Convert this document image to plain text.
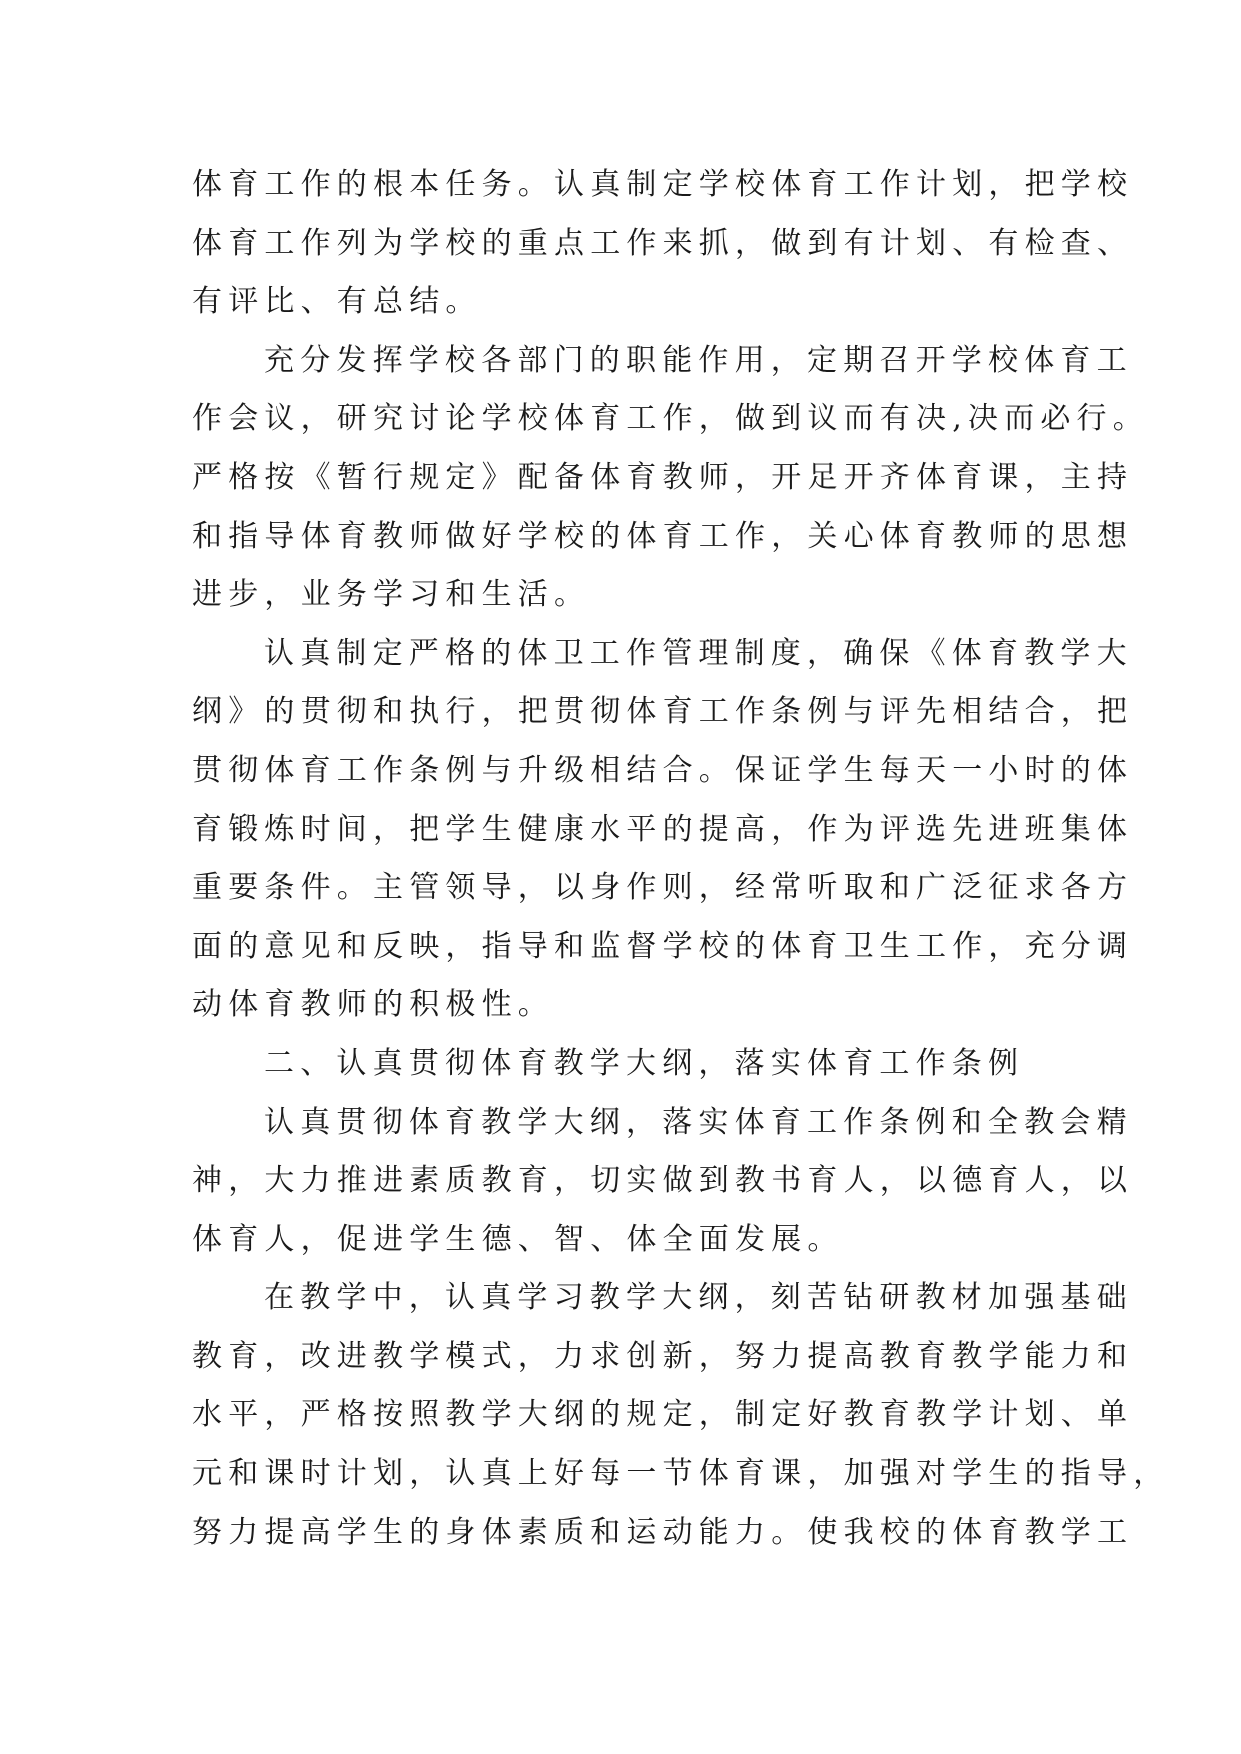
体育工作的根本任务。认真制定学校体育工作计划，把学校
体育工作列为学校的重点工作来抓，做到有计划、有检查、
有评比、有总结。
充分发挥学校各部门的职能作用，定期召开学校体育工
作会议，研究讨论学校体育工作，做到议而有决,决而必行。
严格按《暂行规定》配备体育教师，开足开齐体育课，主持
和指导体育教师做好学校的体育工作，关心体育教师的思想
进步，业务学习和生活。
认真制定严格的体卫工作管理制度，确保《体育教学大
纲》的贯彻和执行，把贯彻体育工作条例与评先相结合，把
贯彻体育工作条例与升级相结合。保证学生每天一小时的体
育锻炼时间，把学生健康水平的提高，作为评选先进班集体
重要条件。主管领导，以身作则，经常听取和广泛征求各方
面的意见和反映，指导和监督学校的体育卫生工作，充分调
动体育教师的积极性。
二、认真贯彻体育教学大纲，落实体育工作条例
认真贯彻体育教学大纲，落实体育工作条例和全教会精
神，大力推进素质教育，切实做到教书育人，以德育人，以
体育人，促进学生德、智、体全面发展。
在教学中，认真学习教学大纲，刻苦钻研教材加强基础
教育，改进教学模式，力求创新，努力提高教育教学能力和
水平，严格按照教学大纲的规定，制定好教育教学计划、单
元和课时计划，认真上好每一节体育课，加强对学生的指导，
努力提高学生的身体素质和运动能力。使我校的体育教学工
